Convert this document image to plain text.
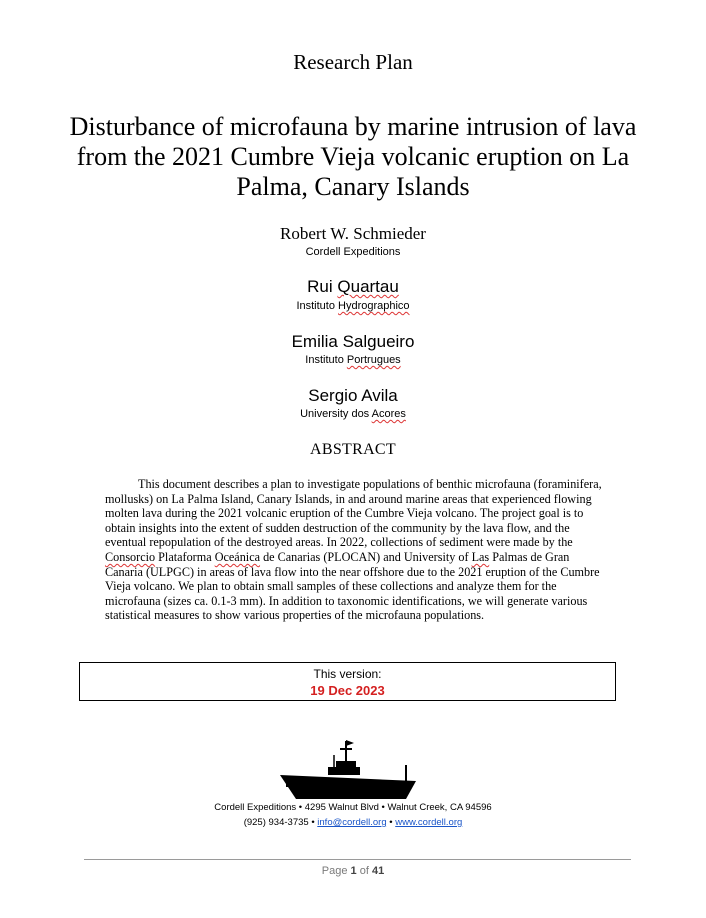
Research Plan
Disturbance of microfauna by marine intrusion of lava from the 2021 Cumbre Vieja volcanic eruption on La Palma, Canary Islands
Robert W. Schmieder
Cordell Expeditions
Rui Quartau
Instituto Hydrographico
Emilia Salgueiro
Instituto Portrugues
Sergio Avila
University dos Acores
ABSTRACT

This document describes a plan to investigate populations of benthic microfauna (foraminifera, mollusks) on La Palma Island, Canary Islands, in and around marine areas that experienced flowing molten lava during the 2021 volcanic eruption of the Cumbre Vieja volcano. The project goal is to obtain insights into the extent of sudden destruction of the community by the lava flow, and the eventual repopulation of the destroyed areas. In 2022, collections of sediment were made by the Consorcio Plataforma Oceánica de Canarias (PLOCAN) and University of Las Palmas de Gran Canaria (ULPGC) in areas of lava flow into the near offshore due to the 2021 eruption of the Cumbre Vieja volcano. We plan to obtain small samples of these collections and analyze them for the microfauna (sizes ca. 0.1-3 mm). In addition to taxonomic identifications, we will generate various statistical measures to show various properties of the microfauna populations.

This version:
19 Dec 2023
Cordell Expeditions • 4295 Walnut Blvd • Walnut Creek, CA 94596
(925) 934-3735 • info@cordell.org • www.cordell.org
Page 1 of 41
